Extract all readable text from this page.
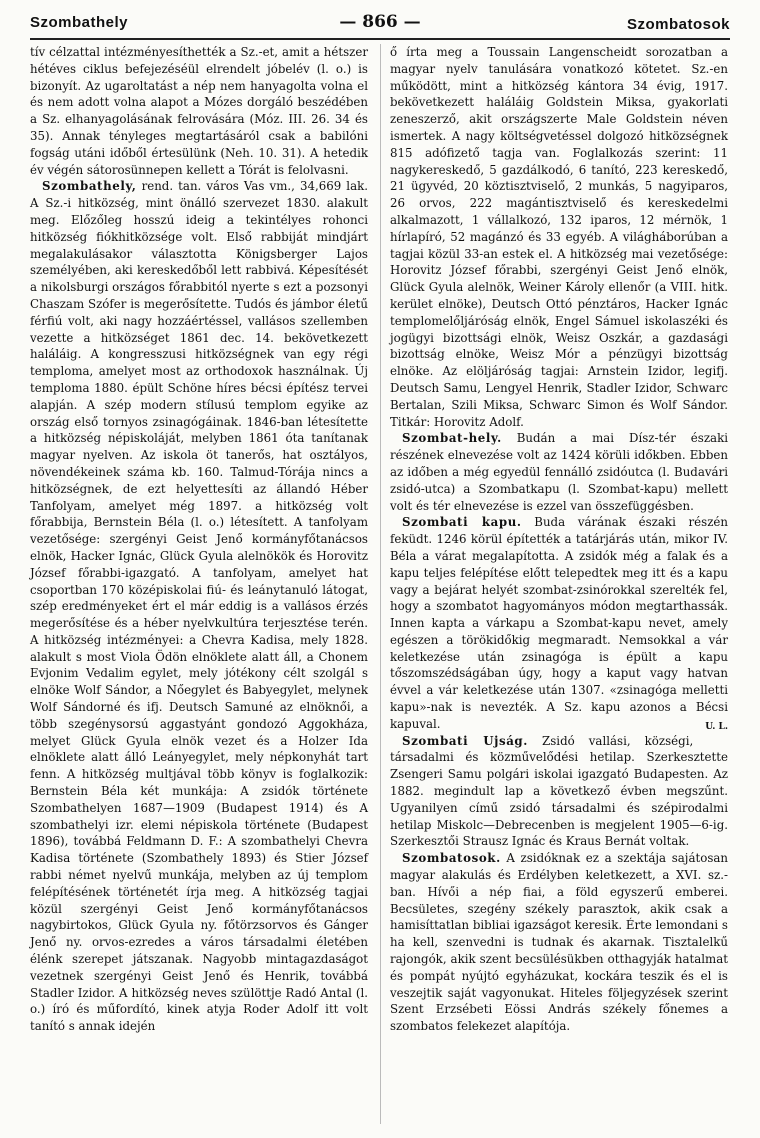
Szombathely	— 866 —	Szombatosok

tív célzattal intézményesíthették a Sz.-et, amit a hétszer hétéves ciklus befejezéséül elrendelt jóbelév (l. o.) is bizonyít. Az ugaroltatást a nép nem hanyagolta volna el és nem adott volna alapot a Mózes dorgáló beszédében a Sz. elhanyagolásának felrovására (Móz. III. 26. 34 és 35). Annak tényleges megtartásáról csak a babilóni fogság utáni időből értesülünk (Neh. 10. 31). A hetedik év végén sátorosünnepen kellett a Tórát is felolvasni.

Szombathely, rend. tan. város Vas vm., 34,669 lak. A Sz.-i hitközség, mint önálló szervezet 1830. alakult meg. Előzőleg hosszú ideig a tekintélyes rohonci hitközség fiókhitközsége volt. Első rabbiját mindjárt megalakulásakor választotta Königsberger Lajos személyében, aki kereskedőből lett rabbivá. Képesítését a nikolsburgi országos főrabbitól nyerte s ezt a pozsonyi Chaszam Szófer is megerősítette. Tudós és jámbor életű férfiú volt, aki nagy hozzáértéssel, vallásos szellemben vezette a hitközséget 1861 dec. 14. bekövetkezett haláláig. A kongresszusi hitközségnek van egy régi temploma, amelyet most az orthodoxok használnak. Új temploma 1880. épült Schöne híres bécsi építész tervei alapján. A szép modern stílusú templom egyike az ország első tornyos zsinagógáinak. 1846-ban létesítette a hitközség népiskoláját, melyben 1861 óta tanítanak magyar nyelven. Az iskola öt tanerős, hat osztályos, növendékeinek száma kb. 160. Talmud-Tórája nincs a hitközségnek, de ezt helyettesíti az állandó Héber Tanfolyam, amelyet még 1897. a hitközség volt főrabbija, Bernstein Béla (l. o.) létesített. A tanfolyam vezetősége: szergényi Geist Jenő kormányfőtanácsos elnök, Hacker Ignác, Glück Gyula alelnökök és Horovitz József főrabbi-igazgató. A tanfolyam, amelyet hat csoportban 170 középiskolai fiú- és leánytanuló látogat, szép eredményeket ért el már eddig is a vallásos érzés megerősítése és a héber nyelvkultúra terjesztése terén. A hitközség intézményei: a Chevra Kadisa, mely 1828. alakult s most Viola Ödön elnöklete alatt áll, a Chonem Evjonim Vedalim egylet, mely jótékony célt szolgál s elnöke Wolf Sándor, a Nőegylet és Babyegylet, melynek Wolf Sándorné és ifj. Deutsch Samuné az elnöknői, a több szegénysorsú aggastyánt gondozó Aggokháza, melyet Glück Gyula elnök vezet és a Holzer Ida elnöklete alatt álló Leányegylet, mely népkonyhát tart fenn. A hitközség multjával több könyv is foglalkozik: Bernstein Béla két munkája: A zsidók története Szombathelyen 1687—1909 (Budapest 1914) és A szombathelyi izr. elemi népiskola története (Budapest 1896), továbbá Feldmann D. F.: A szombathelyi Chevra Kadisa története (Szombathely 1893) és Stier József rabbi német nyelvű munkája, melyben az új templom felépítésének történetét írja meg. A hitközség tagjai közül szergényi Geist Jenő kormányfőtanácsos nagybirtokos, Glück Gyula ny. főtörzsorvos és Gánger Jenő ny. orvos-ezredes a város társadalmi életében élénk szerepet játszanak. Nagyobb mintagazdaságot vezetnek szergényi Geist Jenő és Henrik, továbbá Stadler Izidor. A hitközség neves szülöttje Radó Antal (l. o.) író és műfordító, kinek atyja Roder Adolf itt volt tanító s annak idején

ő írta meg a Toussain Langenscheidt sorozatban a magyar nyelv tanulására vonatkozó kötetet. Sz.-en működött, mint a hitközség kántora 34 évig, 1917. bekövetkezett haláláig Goldstein Miksa, gyakorlati zeneszerző, akit országszerte Male Goldstein néven ismertek. A nagy költségvetéssel dolgozó hitközségnek 815 adófizető tagja van. Foglalkozás szerint: 11 nagykereskedő, 5 gazdálkodó, 6 tanító, 223 kereskedő, 21 ügyvéd, 20 köztisztviselő, 2 munkás, 5 nagyiparos, 26 orvos, 222 magántisztviselő és kereskedelmi alkalmazott, 1 vállalkozó, 132 iparos, 12 mérnök, 1 hírlapíró, 52 magánzó és 33 egyéb. A világháborúban a tagjai közül 33-an estek el. A hitközség mai vezetősége: Horovitz József főrabbi, szergényi Geist Jenő elnök, Glück Gyula alelnök, Weiner Károly ellenőr (a VIII. hitk. kerület elnöke), Deutsch Ottó pénztáros, Hacker Ignác templomelőljáróság elnök, Engel Sámuel iskolaszéki és jogügyi bizottsági elnök, Weisz Oszkár, a gazdasági bizottság elnöke, Weisz Mór a pénzügyi bizottság elnöke. Az elöljáróság tagjai: Arnstein Izidor, legifj. Deutsch Samu, Lengyel Henrik, Stadler Izidor, Schwarc Bertalan, Szili Miksa, Schwarc Simon és Wolf Sándor. Titkár: Horovitz Adolf.

Szombat-hely. Budán a mai Dísz-tér északi részének elnevezése volt az 1424 körüli időkben. Ebben az időben a még egyedül fennálló zsidóutca (l. Budavári zsidó-utca) a Szombatkapu (l. Szombat-kapu) mellett volt és tér elnevezése is ezzel van összefüggésben.

Szombati kapu. Buda várának északi részén feküdt. 1246 körül építették a tatárjárás után, mikor IV. Béla a várat megalapította. A zsidók még a falak és a kapu teljes felépítése előtt telepedtek meg itt és a kapu vagy a bejárat helyét szombat-zsinórokkal szerelték fel, hogy a szombatot hagyományos módon megtarthassák. Innen kapta a várkapu a Szombat-kapu nevet, amely egészen a törökidőkig megmaradt. Nemsokkal a vár keletkezése után zsinagóga is épült a kapu tőszomszédságában úgy, hogy a kaput vagy hatvan évvel a vár keletkezése után 1307. «zsinagóga melletti kapu»-nak is nevezték. A Sz. kapu azonos a Bécsi kapuval.	U. L.

Szombati Ujság. Zsidó vallási, községi, társadalmi és közművelődési hetilap. Szerkesztette Zsengeri Samu polgári iskolai igazgató Budapesten. Az 1882. megindult lap a következő évben megszűnt. Ugyanilyen című zsidó társadalmi és szépirodalmi hetilap Miskolc—Debrecenben is megjelent 1905—6-ig. Szerkesztői Strausz Ignác és Kraus Bernát voltak.

Szombatosok. A zsidóknak ez a szektája sajátosan magyar alakulás és Erdélyben keletkezett, a XVI. sz.-ban. Hívői a nép fiai, a föld egyszerű emberei. Becsületes, szegény székely parasztok, akik csak a hamisíttatlan bibliai igazságot keresik. Érte lemondani s ha kell, szenvedni is tudnak és akarnak. Tisztalelkű rajongók, akik szent becsülésükben otthagyják hatalmat és pompát nyújtó egyházukat, kockára teszik és el is veszejtik saját vagyonukat. Hiteles följegyzések szerint Szent Erzsébeti Eössi András székely főnemes a szombatos felekezet alapítója.
